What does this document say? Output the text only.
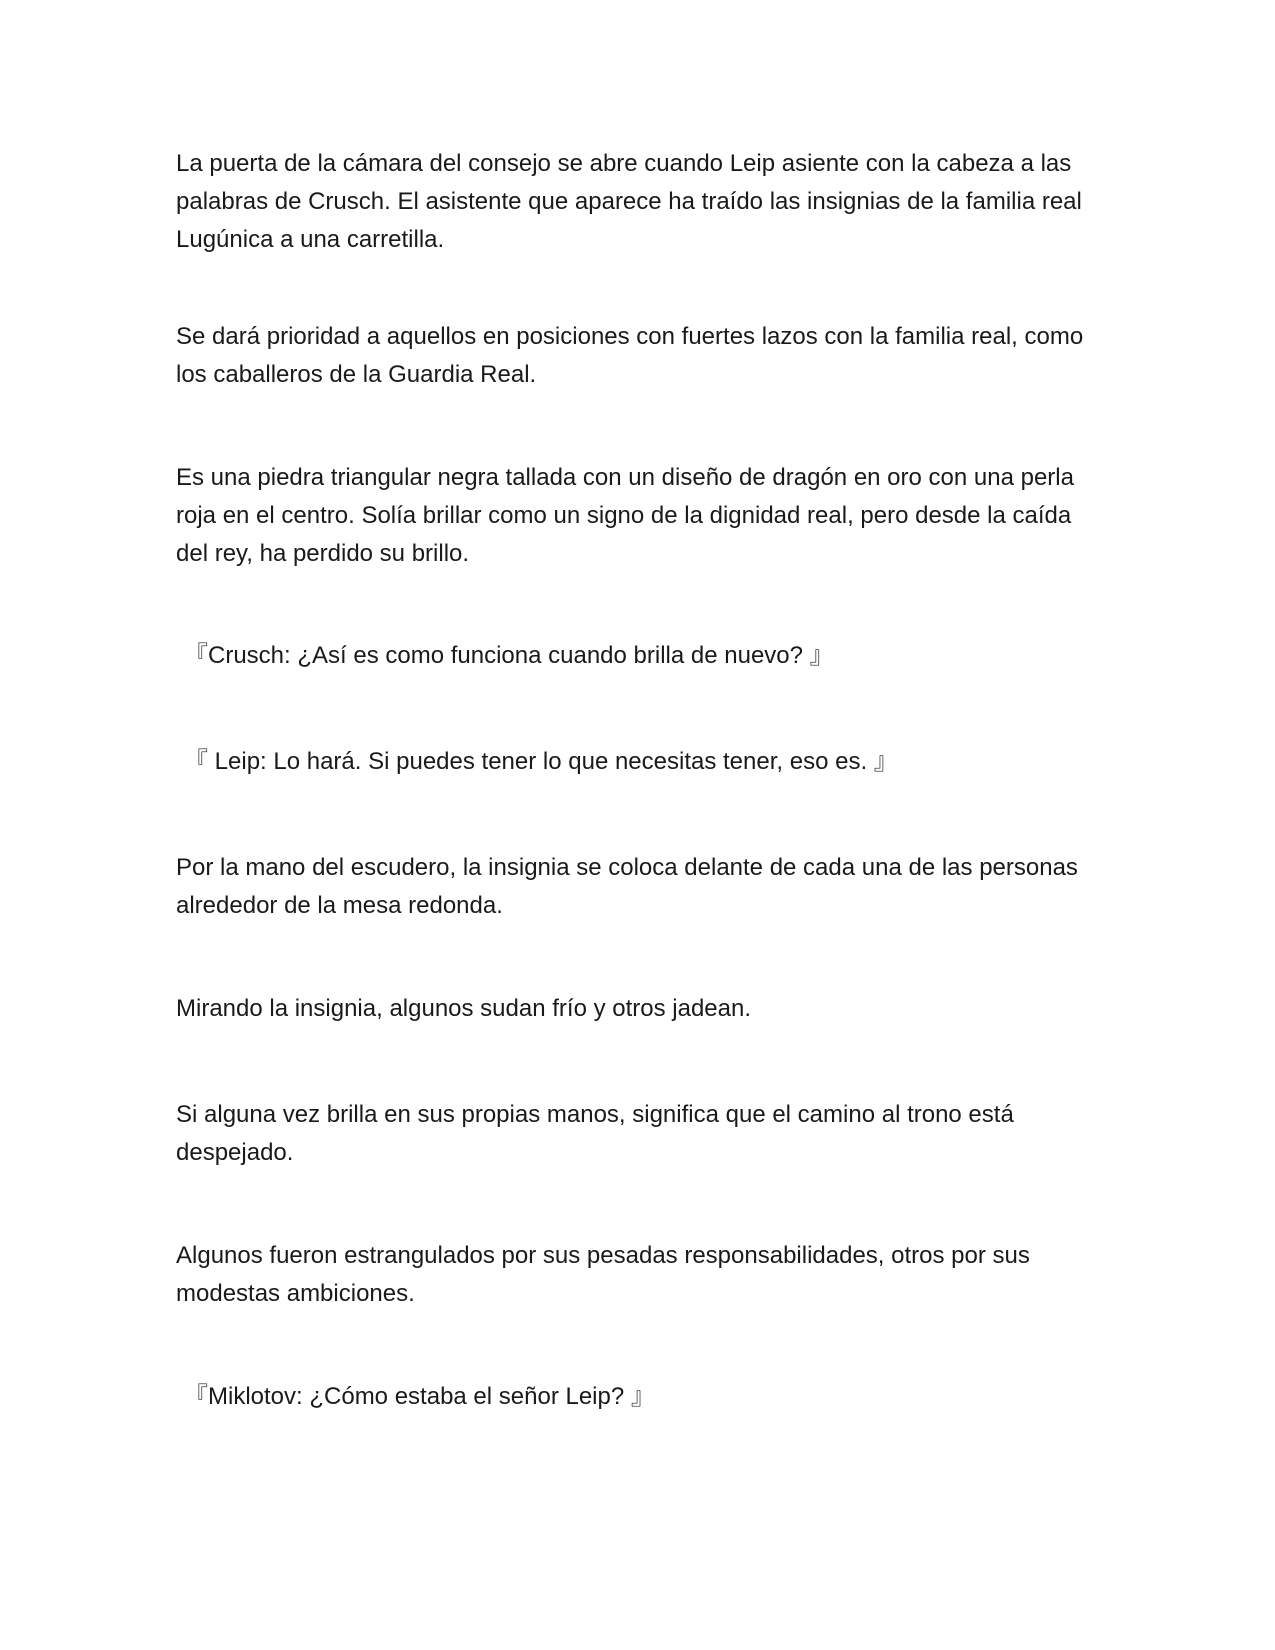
La puerta de la cámara del consejo se abre cuando Leip asiente con la cabeza a las palabras de Crusch. El asistente que aparece ha traído las insignias de la familia real Lugúnica a una carretilla.

Se dará prioridad a aquellos en posiciones con fuertes lazos con la familia real, como los caballeros de la Guardia Real.

Es una piedra triangular negra tallada con un diseño de dragón en oro con una perla roja en el centro. Solía brillar como un signo de la dignidad real, pero desde la caída del rey, ha perdido su brillo.

『Crusch: ¿Así es como funciona cuando brilla de nuevo? 』

『 Leip: Lo hará. Si puedes tener lo que necesitas tener, eso es. 』

Por la mano del escudero, la insignia se coloca delante de cada una de las personas alrededor de la mesa redonda.

Mirando la insignia, algunos sudan frío y otros jadean.

Si alguna vez brilla en sus propias manos, significa que el camino al trono está despejado.

Algunos fueron estrangulados por sus pesadas responsabilidades, otros por sus modestas ambiciones.

『Miklotov: ¿Cómo estaba el señor Leip? 』
